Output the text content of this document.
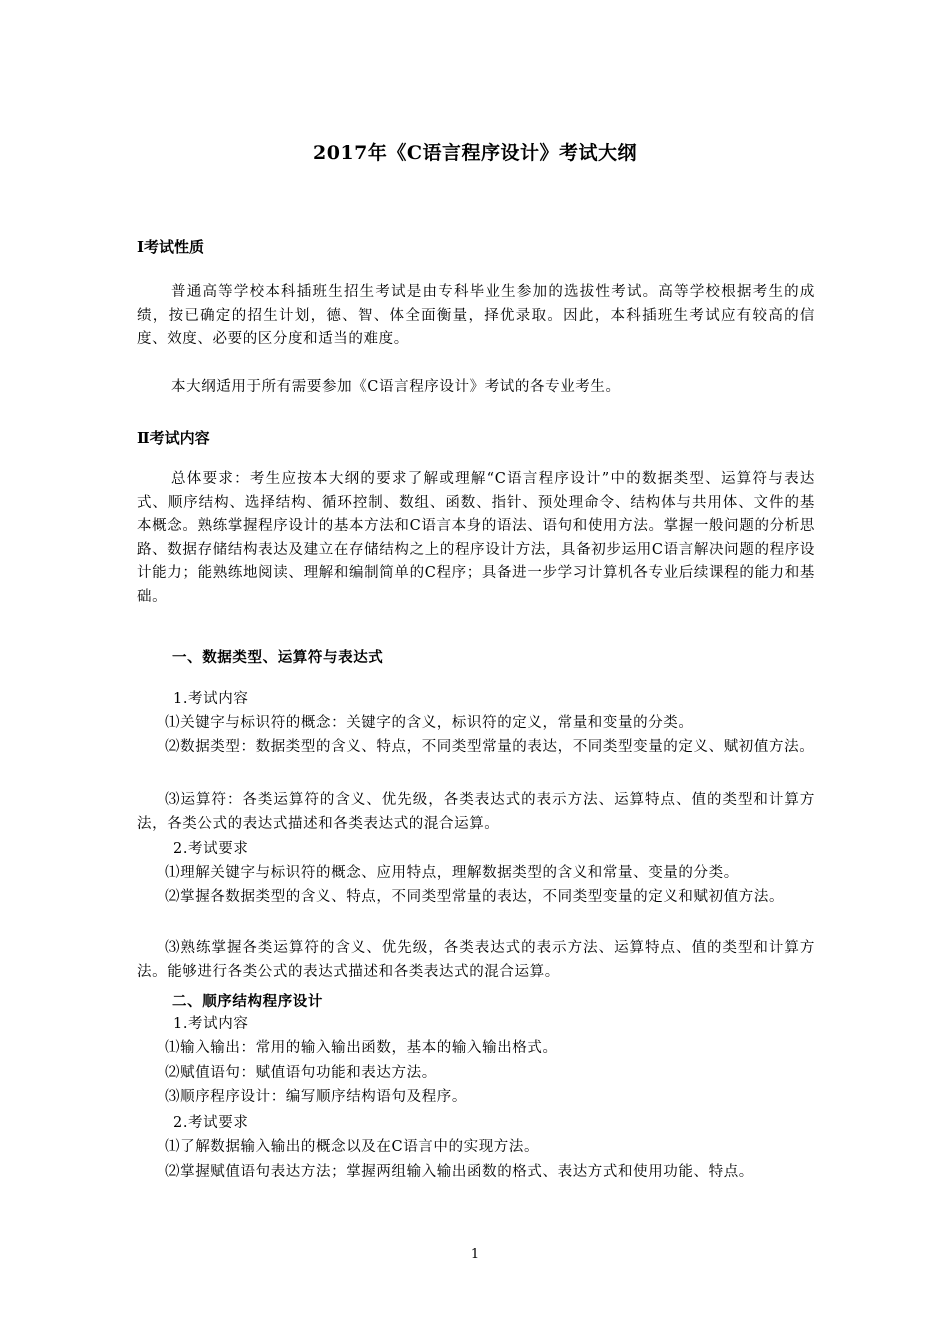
2017年《C语言程序设计》考试大纲
Ⅰ考试性质
普通高等学校本科插班生招生考试是由专科毕业生参加的选拔性考试。高等学校根据考生的成绩，按已确定的招生计划，德、智、体全面衡量，择优录取。因此，本科插班生考试应有较高的信度、效度、必要的区分度和适当的难度。
本大纲适用于所有需要参加《C语言程序设计》考试的各专业考生。
Ⅱ考试内容
总体要求：考生应按本大纲的要求了解或理解“C语言程序设计”中的数据类型、运算符与表达式、顺序结构、选择结构、循环控制、数组、函数、指针、预处理命令、结构体与共用体、文件的基本概念。熟练掌握程序设计的基本方法和C语言本身的语法、语句和使用方法。掌握一般问题的分析思路、数据存储结构表达及建立在存储结构之上的程序设计方法，具备初步运用C语言解决问题的程序设计能力；能熟练地阅读、理解和编制简单的C程序；具备进一步学习计算机各专业后续课程的能力和基础。
一、数据类型、运算符与表达式
1.考试内容
⑴关键字与标识符的概念：关键字的含义，标识符的定义，常量和变量的分类。
⑵数据类型：数据类型的含义、特点，不同类型常量的表达，不同类型变量的定义、赋初值方法。
⑶运算符：各类运算符的含义、优先级，各类表达式的表示方法、运算特点、值的类型和计算方法，各类公式的表达式描述和各类表达式的混合运算。
2.考试要求
⑴理解关键字与标识符的概念、应用特点，理解数据类型的含义和常量、变量的分类。
⑵掌握各数据类型的含义、特点，不同类型常量的表达，不同类型变量的定义和赋初值方法。
⑶熟练掌握各类运算符的含义、优先级，各类表达式的表示方法、运算特点、值的类型和计算方法。能够进行各类公式的表达式描述和各类表达式的混合运算。
二、顺序结构程序设计
1.考试内容
⑴输入输出：常用的输入输出函数，基本的输入输出格式。
⑵赋值语句：赋值语句功能和表达方法。
⑶顺序程序设计：编写顺序结构语句及程序。
2.考试要求
⑴了解数据输入输出的概念以及在C语言中的实现方法。
⑵掌握赋值语句表达方法；掌握两组输入输出函数的格式、表达方式和使用功能、特点。
1
